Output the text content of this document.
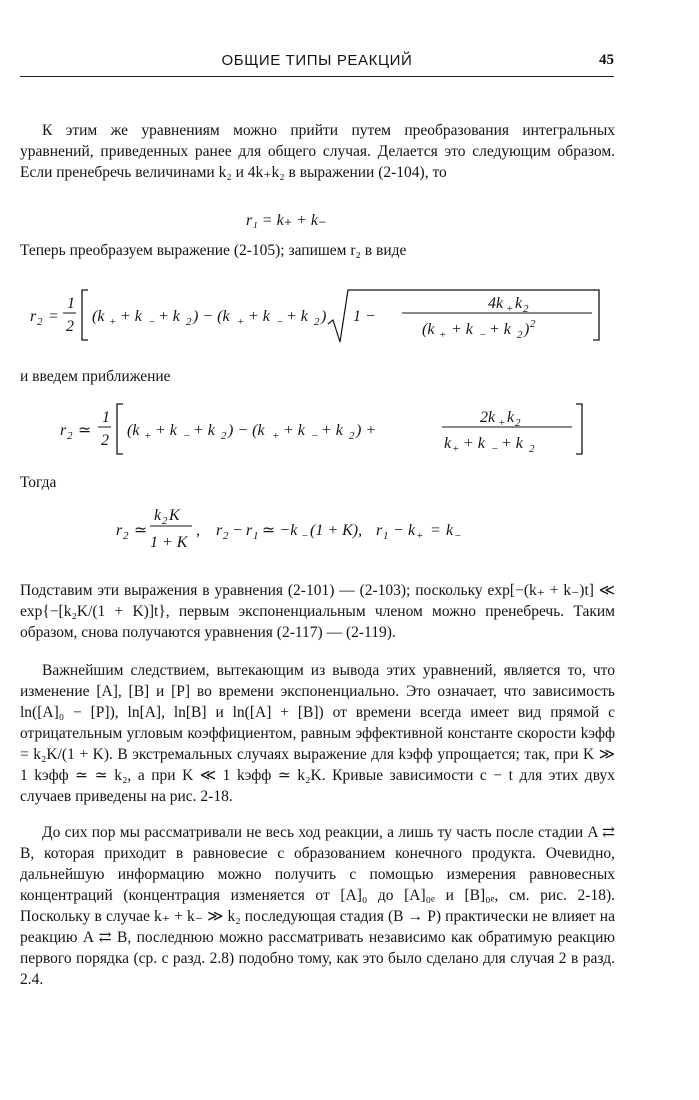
ОБЩИЕ ТИПЫ РЕАКЦИЙ	45

К этим же уравнениям можно прийти путем преобразования интегральных уравнений, приведенных ранее для общего случая. Делается это следующим образом. Если пренебречь величинами k₂ и 4k₊k₂ в выражении (2-104), то

r₁ = k₊ + k₋

Теперь преобразуем выражение (2-105); запишем r₂ в виде

r 2 =
1
2
(k + + k − + k 2 ) − (k + + k − + k 2 ) 1 −
4k + k 2
(k + + k − + k 2 ) 2

и введем приближение

r 2 ≃
1
2
(k + + k − + k 2 ) − (k + + k − + k 2 ) +
2k + k 2
k + + k − + k 2

Тогда

r 2 ≃
k 2 K
1 + K
, r 2 − r 1 ≃ −k − (1 + K), r 1 − k + = k −

Подставим эти выражения в уравнения (2-101) — (2-103); поскольку exp[−(k₊ + k₋)t] ≪ exp{−[k₂K/(1 + K)]t}, первым экспоненциальным членом можно пренебречь. Таким образом, снова получаются уравнения (2-117) — (2-119).

Важнейшим следствием, вытекающим из вывода этих уравнений, является то, что изменение [A], [B] и [P] во времени экспоненциально. Это означает, что зависимость ln([A]₀ − [P]), ln[A], ln[B] и ln([A] + [B]) от времени всегда имеет вид прямой с отрицательным угловым коэффициентом, равным эффективной константе скорости kэфф = k₂K/(1 + K). В экстремальных случаях выражение для kэфф упрощается; так, при K ≫ 1 kэфф ≃ ≃ k₂, а при K ≪ 1 kэфф ≃ k₂K. Кривые зависимости c − t для этих двух случаев приведены на рис. 2-18.

До сих пор мы рассматривали не весь ход реакции, а лишь ту часть после стадии A ⇄ B, которая приходит в равновесие с образованием конечного продукта. Очевидно, дальнейшую информацию можно получить с помощью измерения равновесных концентраций (концентрация изменяется от [A]₀ до [A]₀ₑ и [B]₀ₑ, см. рис. 2-18). Поскольку в случае k₊ + k₋ ≫ k₂ последующая стадия (B → P) практически не влияет на реакцию A ⇄ B, последнюю можно рассматривать независимо как обратимую реакцию первого порядка (ср. с разд. 2.8) подобно тому, как это было сделано для случая 2 в разд. 2.4.
